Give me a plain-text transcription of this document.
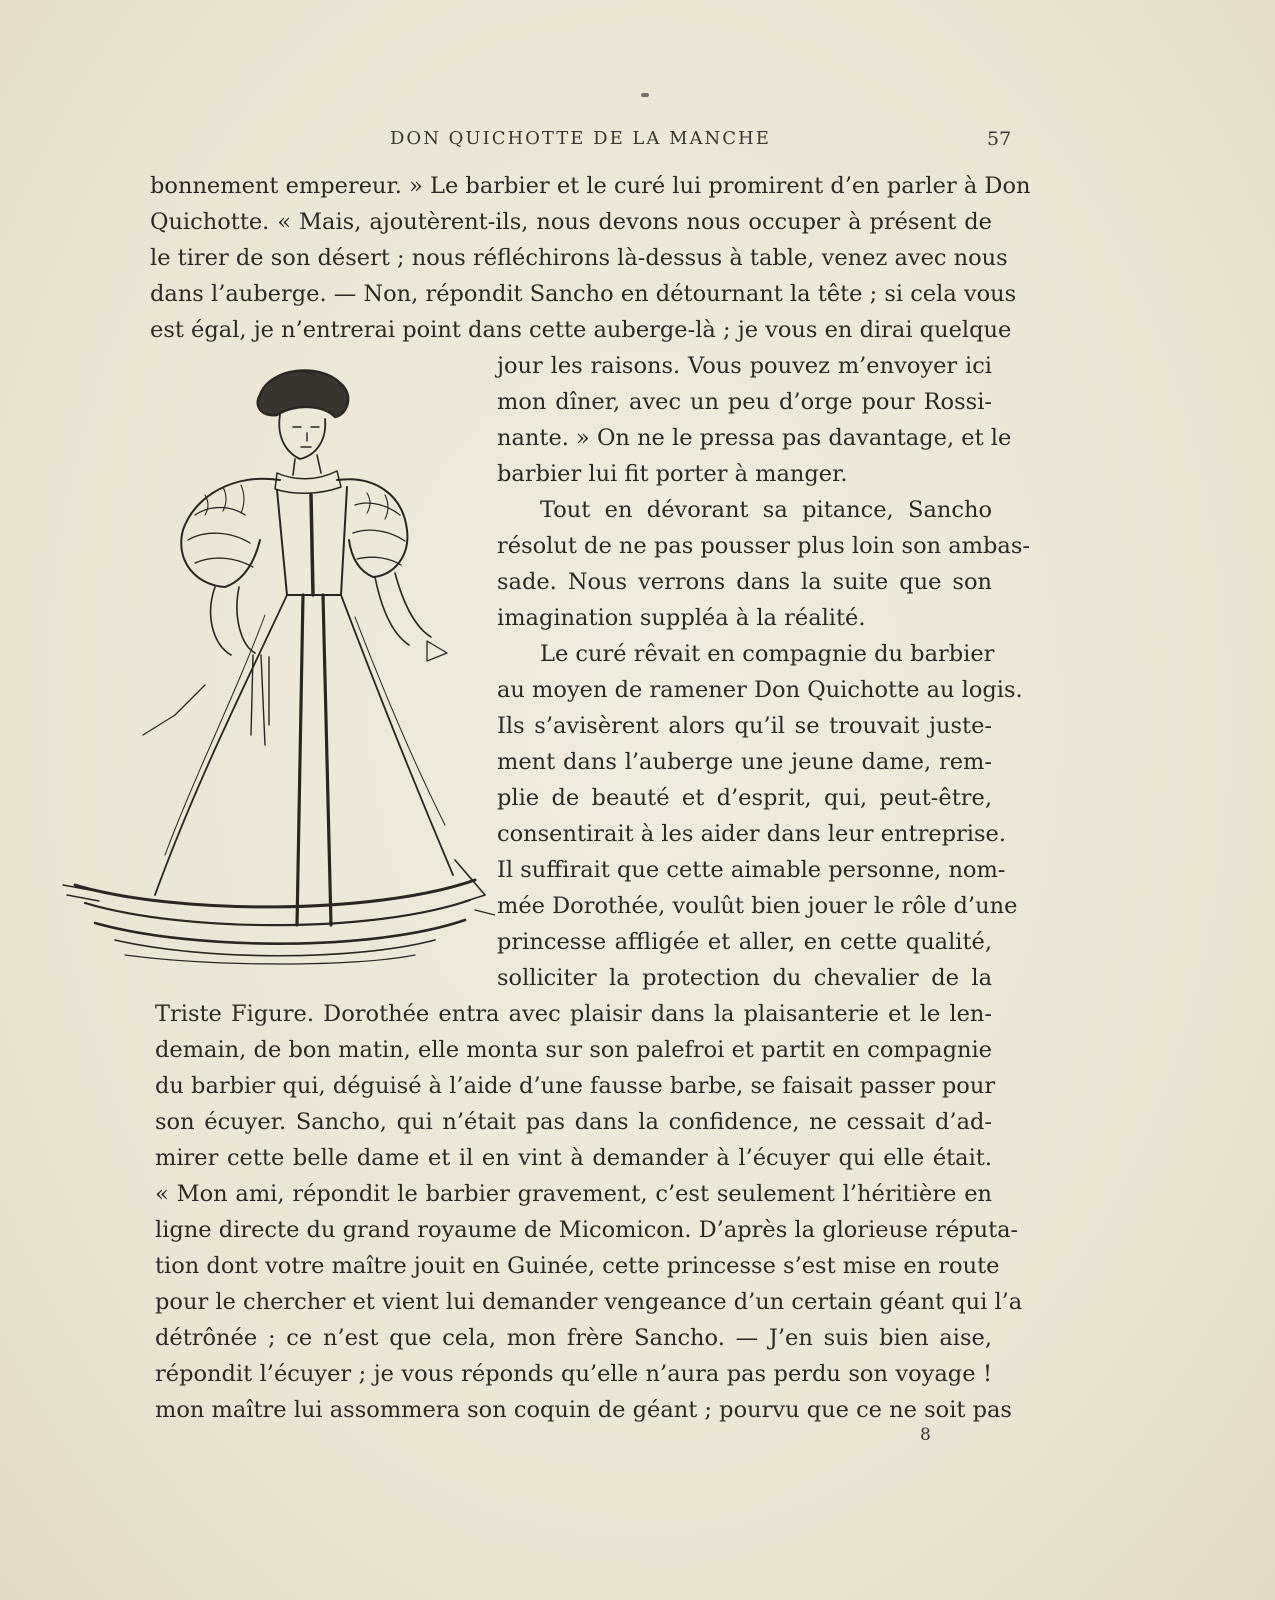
DON QUICHOTTE DE LA MANCHE	57
bonnement empereur. » Le barbier et le curé lui promirent d’en parler à Don
Quichotte. « Mais, ajoutèrent-ils, nous devons nous occuper à présent de
le tirer de son désert ; nous réfléchirons là-dessus à table, venez avec nous
dans l’auberge. — Non, répondit Sancho en détournant la tête ; si cela vous
est égal, je n’entrerai point dans cette auberge-là ; je vous en dirai quelque
jour les raisons. Vous pouvez m’envoyer ici
mon dîner, avec un peu d’orge pour Rossi-
nante. » On ne le pressa pas davantage, et le
barbier lui fit porter à manger.
Tout en dévorant sa pitance, Sancho
résolut de ne pas pousser plus loin son ambas-
sade. Nous verrons dans la suite que son
imagination suppléa à la réalité.
Le curé rêvait en compagnie du barbier
au moyen de ramener Don Quichotte au logis.
Ils s’avisèrent alors qu’il se trouvait juste-
ment dans l’auberge une jeune dame, rem-
plie de beauté et d’esprit, qui, peut-être,
consentirait à les aider dans leur entreprise.
Il suffirait que cette aimable personne, nom-
mée Dorothée, voulût bien jouer le rôle d’une
princesse affligée et aller, en cette qualité,
solliciter la protection du chevalier de la
Triste Figure. Dorothée entra avec plaisir dans la plaisanterie et le len-
demain, de bon matin, elle monta sur son palefroi et partit en compagnie
du barbier qui, déguisé à l’aide d’une fausse barbe, se faisait passer pour
son écuyer. Sancho, qui n’était pas dans la confidence, ne cessait d’ad-
mirer cette belle dame et il en vint à demander à l’écuyer qui elle était.
« Mon ami, répondit le barbier gravement, c’est seulement l’héritière en
ligne directe du grand royaume de Micomicon. D’après la glorieuse réputa-
tion dont votre maître jouit en Guinée, cette princesse s’est mise en route
pour le chercher et vient lui demander vengeance d’un certain géant qui l’a
détrônée ; ce n’est que cela, mon frère Sancho. — J’en suis bien aise,
répondit l’écuyer ; je vous réponds qu’elle n’aura pas perdu son voyage !
mon maître lui assommera son coquin de géant ; pourvu que ce ne soit pas
8
